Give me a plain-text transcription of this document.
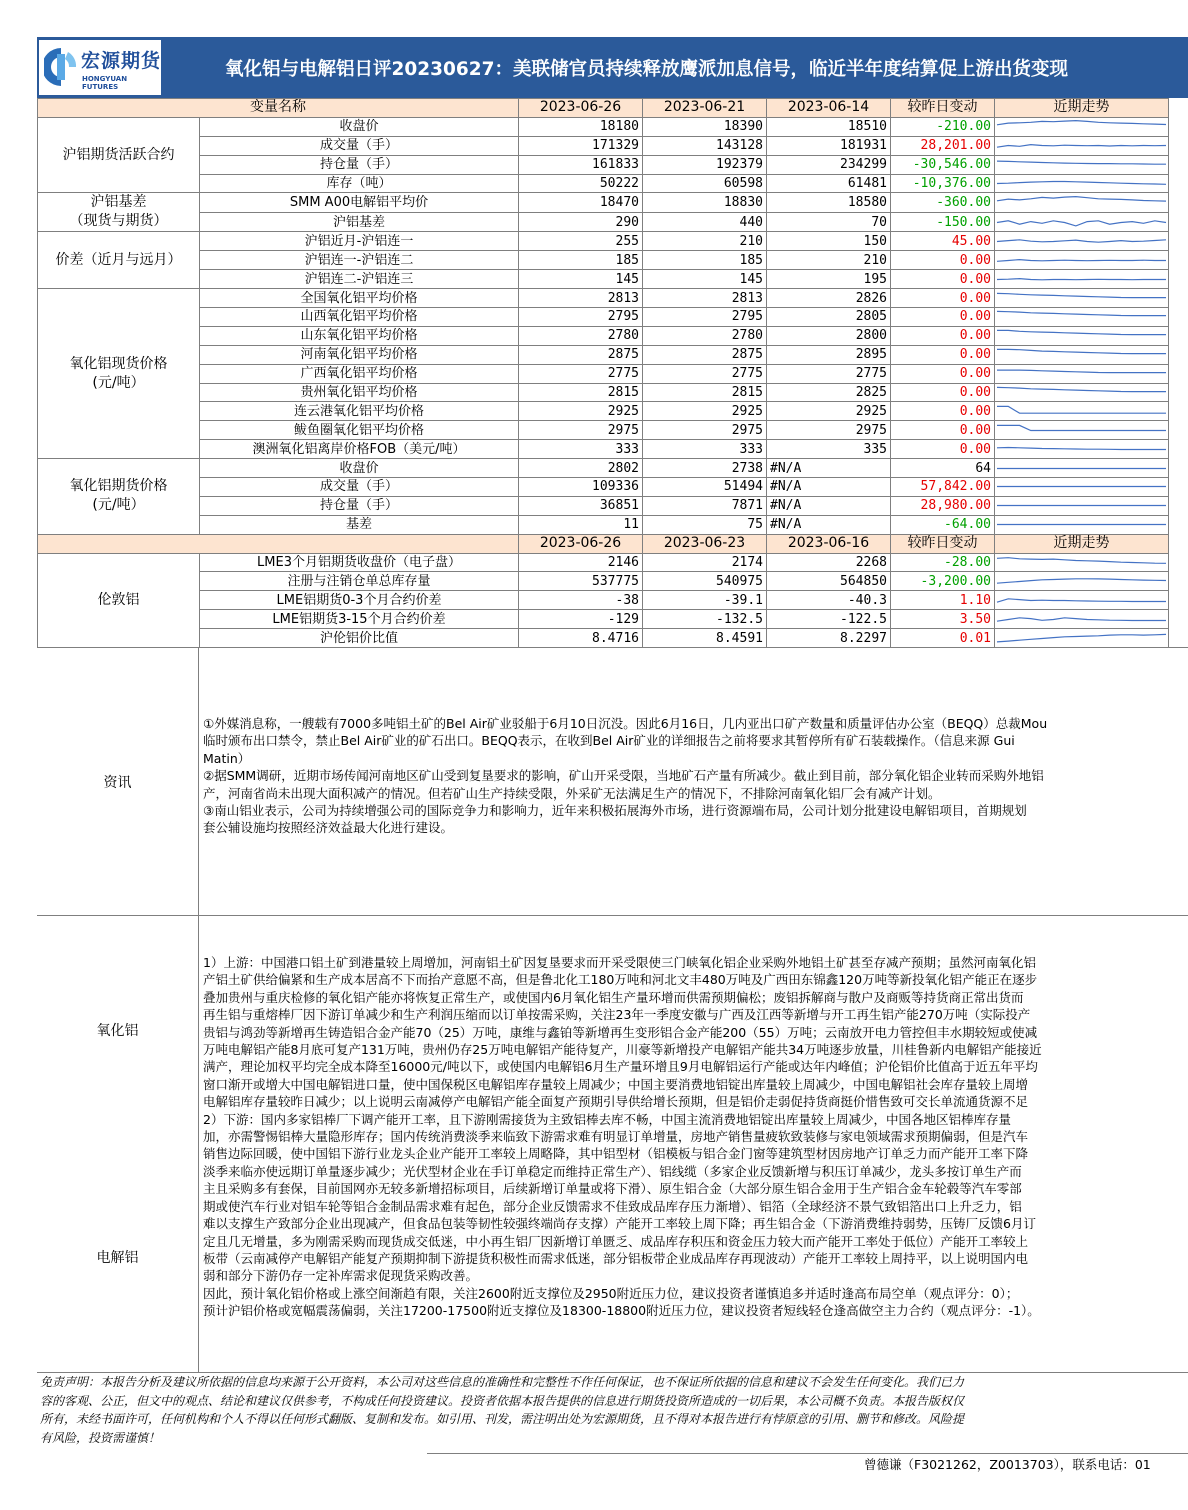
宏源期货
HONGYUAN FUTURES
氧化铝与电解铝日评20230627：美联储官员持续释放鹰派加息信号，临近半年度结算促上游出货变现
变量名称		2023-06-26	2023-06-21	2023-06-14	较昨日变动	近期走势
沪铝期货活跃合约	收盘价	18180	18390	18510	-210.00	

	成交量（手）	171329	143128	181931	28,201.00	

	持仓量（手）	161833	192379	234299	-30,546.00	

	库存（吨）	50222	60598	61481	-10,376.00	

沪铝基差
（现货与期货）	SMM A00电解铝平均价	18470	18830	18580	-360.00	

	沪铝基差	290	440	70	-150.00	

价差（近月与远月）	沪铝近月-沪铝连一	255	210	150	45.00	

	沪铝连一-沪铝连二	185	185	210	0.00	

	沪铝连二-沪铝连三	145	145	195	0.00	

氧化铝现货价格
(元/吨）	全国氧化铝平均价格	2813	2813	2826	0.00	

	山西氧化铝平均价格	2795	2795	2805	0.00	

	山东氧化铝平均价格	2780	2780	2800	0.00	

	河南氧化铝平均价格	2875	2875	2895	0.00	

	广西氧化铝平均价格	2775	2775	2775	0.00	

	贵州氧化铝平均价格	2815	2815	2825	0.00	

	连云港氧化铝平均价格	2925	2925	2925	0.00	

	鲅鱼圈氧化铝平均价格	2975	2975	2975	0.00	

	澳洲氧化铝离岸价格FOB（美元/吨）	333	333	335	0.00	

氧化铝期货价格
(元/吨）	收盘价	2802	2738	#N/A	64	

	成交量（手）	109336	51494	#N/A	57,842.00	

	持仓量（手）	36851	7871	#N/A	28,980.00	

	基差	11	75	#N/A	-64.00	

		2023-06-26	2023-06-23	2023-06-16	较昨日变动	近期走势
伦敦铝	LME3个月铝期货收盘价（电子盘）	2146	2174	2268	-28.00	

	注册与注销仓单总库存量	537775	540975	564850	-3,200.00	

	LME铝期货0-3个月合约价差	-38	-39.1	-40.3	1.10	

	LME铝期货3-15个月合约价差	-129	-132.5	-122.5	3.50	

	沪伦铝价比值	8.4716	8.4591	8.2297	0.01	
资讯
①外媒消息称，一艘载有7000多吨铝土矿的Bel Air矿业驳船于6月10日沉没。因此6月16日，几内亚出口矿产数量和质量评估办公室（BEQQ）总裁Mou
临时颁布出口禁令，禁止Bel Air矿业的矿石出口。BEQQ表示，在收到Bel Air矿业的详细报告之前将要求其暂停所有矿石装载操作。（信息来源 Gui
Matin）
②据SMM调研，近期市场传闻河南地区矿山受到复垦要求的影响，矿山开采受限，当地矿石产量有所减少。截止到目前，部分氧化铝企业转而采购外地铝
产，河南省尚未出现大面积减产的情况。但若矿山生产持续受限，外采矿无法满足生产的情况下，不排除河南氧化铝厂会有减产计划。
③南山铝业表示，公司为持续增强公司的国际竞争力和影响力，近年来积极拓展海外市场，进行资源端布局，公司计划分批建设电解铝项目，首期规划
套公辅设施均按照经济效益最大化进行建设。
氧化铝
电解铝
1）上游：中国港口铝土矿到港量较上周增加，河南铝土矿因复垦要求而开采受限使三门峡氧化铝企业采购外地铝土矿甚至存减产预期；虽然河南氧化铝
产铝土矿供给偏紧和生产成本居高不下而抬产意愿不高，但是鲁北化工180万吨和河北文丰480万吨及广西田东锦鑫120万吨等新投氧化铝产能正在逐步
叠加贵州与重庆检修的氧化铝产能亦将恢复正常生产，或使国内6月氧化铝生产量环增而供需预期偏松；废铝拆解商与散户及商贩等持货商正常出货而
再生铝与重熔棒厂因下游订单减少和生产利润压缩而以订单按需采购，关注23年一季度安徽与广西及江西等新增与开工再生铝产能270万吨（实际投产
贵铝与鸿劲等新增再生铸造铝合金产能70（25）万吨，康维与鑫铂等新增再生变形铝合金产能200（55）万吨；云南放开电力管控但丰水期较短或使减
万吨电解铝产能8月底可复产131万吨，贵州仍存25万吨电解铝产能待复产，川豪等新增投产电解铝产能共34万吨逐步放量，川桂鲁新内电解铝产能接近
满产，理论加权平均完全成本降至16000元/吨以下，或使国内电解铝6月生产量环增且9月电解铝运行产能或达年内峰值；沪伦铝价比值高于近五年平均
窗口渐开或增大中国电解铝进口量，使中国保税区电解铝库存量较上周减少；中国主要消费地铝锭出库量较上周减少，中国电解铝社会库存量较上周增
电解铝库存量较昨日减少；以上说明云南减停产电解铝产能全面复产预期引导供给增长预期，但是铝价走弱促持货商挺价惜售致可交长单流通货源不足
2）下游：国内多家铝棒厂下调产能开工率，且下游刚需接货为主致铝棒去库不畅，中国主流消费地铝锭出库量较上周减少，中国各地区铝棒库存量
加，亦需警惕铝棒大量隐形库存；国内传统消费淡季来临致下游需求难有明显订单增量，房地产销售量疲软致装修与家电领域需求预期偏弱，但是汽车
销售边际回暖，使中国铝下游行业龙头企业产能开工率较上周略降，其中铝型材（铝模板与铝合金门窗等建筑型材因房地产订单乏力而产能开工率下降
淡季来临亦使远期订单量逐步减少；光伏型材企业在手订单稳定而维持正常生产）、铝线缆（多家企业反馈新增与积压订单减少，龙头多按订单生产而
主且采购多有套保，目前国网亦无较多新增招标项目，后续新增订单量或将下滑）、原生铝合金（大部分原生铝合金用于生产铝合金车轮毂等汽车零部
期或使汽车行业对铝车轮等铝合金制品需求难有起色，部分企业反馈需求不佳致成品库存压力渐增）、铝箔（全球经济不景气致铝箔出口上升乏力，铝
难以支撑生产致部分企业出现减产，但食品包装等韧性较强终端尚存支撑）产能开工率较上周下降；再生铝合金（下游消费维持弱势，压铸厂反馈6月订
定且几无增量，多为刚需采购而现货成交低迷，中小再生铝厂因新增订单匮乏、成品库存积压和资金压力较大而产能开工率处于低位）产能开工率较上
板带（云南减停产电解铝产能复产预期抑制下游提货积极性而需求低迷，部分铝板带企业成品库存再现波动）产能开工率较上周持平，以上说明国内电
弱和部分下游仍存一定补库需求促现货采购改善。
因此，预计氧化铝价格或上涨空间渐趋有限，关注2600附近支撑位及2950附近压力位，建议投资者谨慎追多并适时逢高布局空单（观点评分：0）；
预计沪铝价格或宽幅震荡偏弱，关注17200-17500附近支撑位及18300-18800附近压力位，建议投资者短线轻仓逢高做空主力合约（观点评分：-1）。
免责声明：本报告分析及建议所依据的信息均来源于公开资料，本公司对这些信息的准确性和完整性不作任何保证，也不保证所依据的信息和建议不会发生任何变化。我们已力
容的客观、公正，但文中的观点、结论和建议仅供参考，不构成任何投资建议。投资者依据本报告提供的信息进行期货投资所造成的一切后果，本公司概不负责。本报告版权仅
所有，未经书面许可，任何机构和个人不得以任何形式翻版、复制和发布。如引用、刊发，需注明出处为宏源期货，且不得对本报告进行有悖原意的引用、删节和修改。风险提
有风险，投资需谨慎！
曾德谦（F3021262，Z0013703），联系电话：01
